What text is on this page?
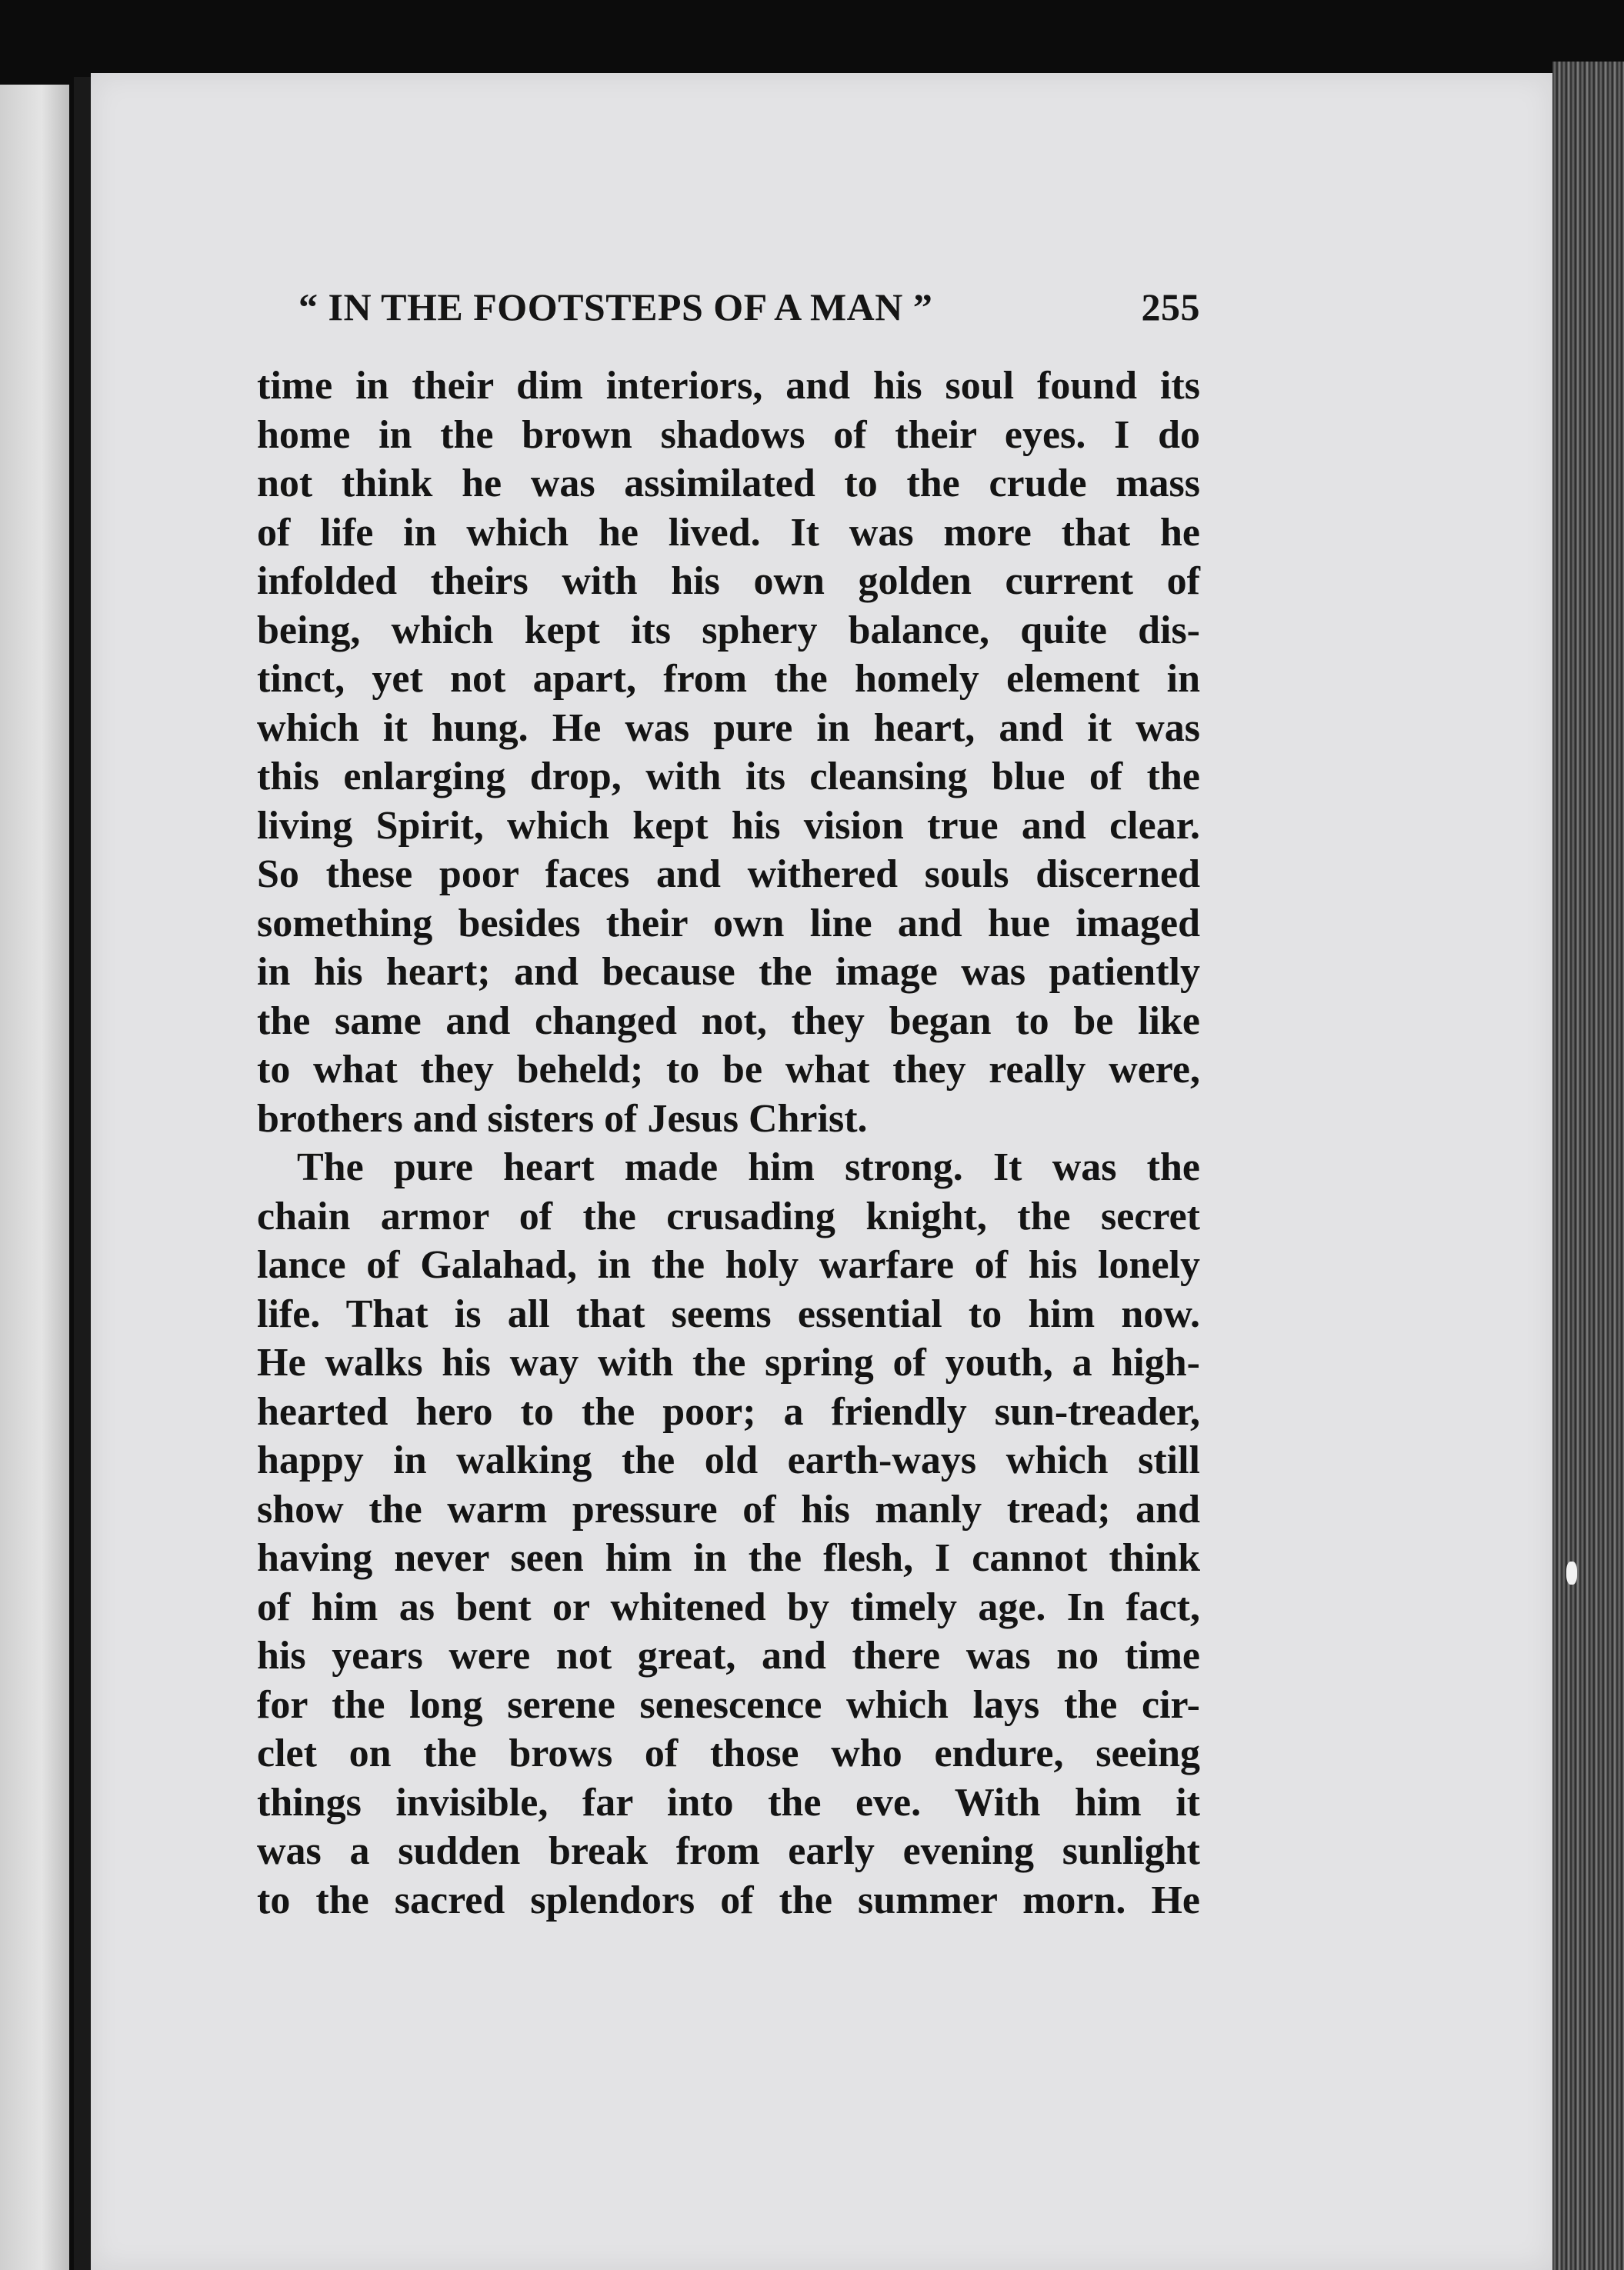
“ IN THE FOOTSTEPS OF A MAN ”	255
time in their dim interiors, and his soul found its
home in the brown shadows of their eyes. I do
not think he was assimilated to the crude mass
of life in which he lived. It was more that he
infolded theirs with his own golden current of
being, which kept its sphery balance, quite dis-
tinct, yet not apart, from the homely element in
which it hung. He was pure in heart, and it was
this enlarging drop, with its cleansing blue of the
living Spirit, which kept his vision true and clear.
So these poor faces and withered souls discerned
something besides their own line and hue imaged
in his heart; and because the image was patiently
the same and changed not, they began to be like
to what they beheld; to be what they really were,
brothers and sisters of Jesus Christ.
The pure heart made him strong. It was the
chain armor of the crusading knight, the secret
lance of Galahad, in the holy warfare of his lonely
life. That is all that seems essential to him now.
He walks his way with the spring of youth, a high-
hearted hero to the poor; a friendly sun-treader,
happy in walking the old earth-ways which still
show the warm pressure of his manly tread; and
having never seen him in the flesh, I cannot think
of him as bent or whitened by timely age. In fact,
his years were not great, and there was no time
for the long serene senescence which lays the cir-
clet on the brows of those who endure, seeing
things invisible, far into the eve. With him it
was a sudden break from early evening sunlight
to the sacred splendors of the summer morn. He
